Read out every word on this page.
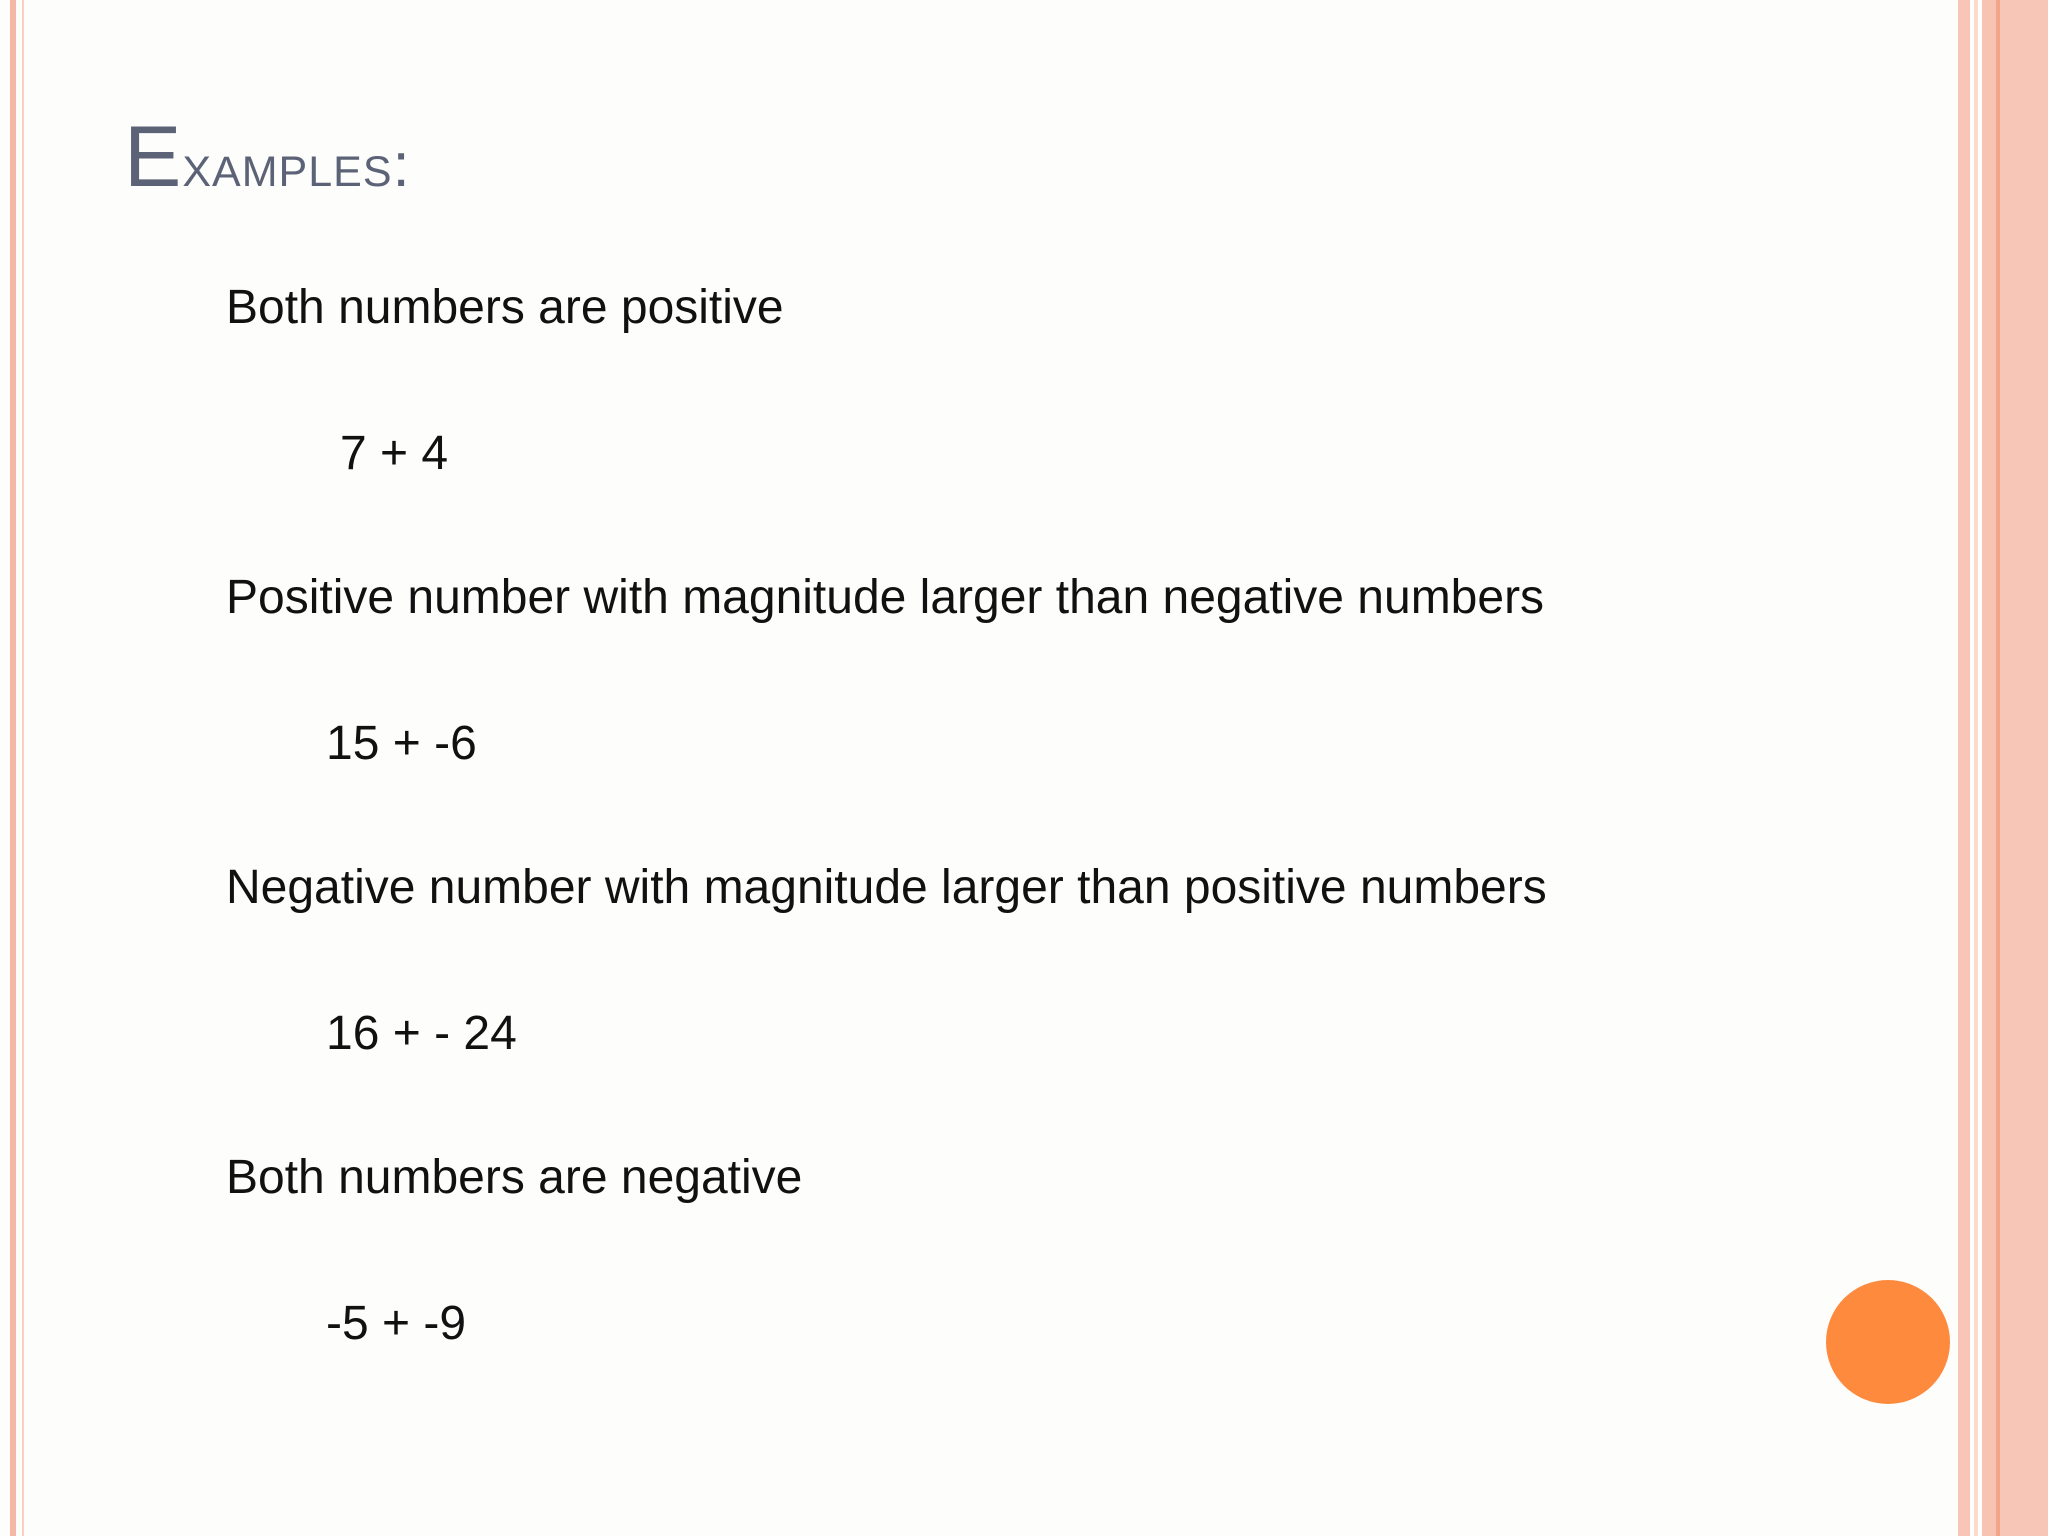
Examples:
Both numbers are positive
7 + 4
Positive number with magnitude larger than negative numbers
15 + -6
Negative number with magnitude larger than positive numbers
16 + - 24
Both numbers are negative
-5 + -9
